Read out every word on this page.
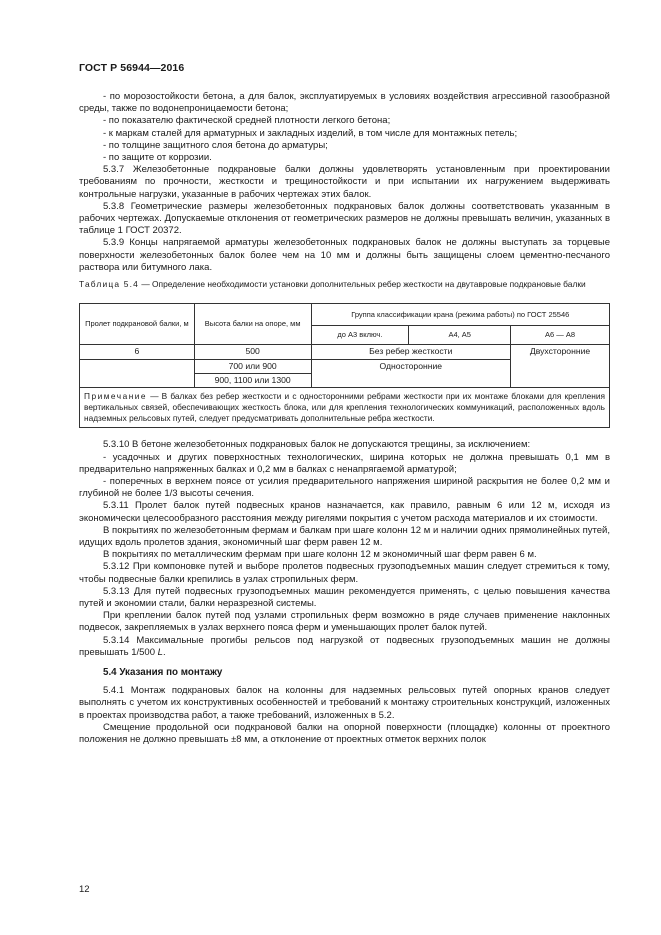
ГОСТ Р 56944—2016

- по морозостойкости бетона, а для балок, эксплуатируемых в условиях воздействия агрессивной газообразной среды, также по водонепроницаемости бетона;

- по показателю фактической средней плотности легкого бетона;

- к маркам сталей для арматурных и закладных изделий, в том числе для монтажных петель;

- по толщине защитного слоя бетона до арматуры;

- по защите от коррозии.

5.3.7 Железобетонные подкрановые балки должны удовлетворять установленным при проектировании требованиям по прочности, жесткости и трещиностойкости и при испытании их нагружением выдерживать контрольные нагрузки, указанные в рабочих чертежах этих балок.

5.3.8 Геометрические размеры железобетонных подкрановых балок должны соответствовать указанным в рабочих чертежах. Допускаемые отклонения от геометрических размеров не должны превышать величин, указанных в таблице 1 ГОСТ 20372.

5.3.9 Концы напрягаемой арматуры железобетонных подкрановых балок не должны выступать за торцевые поверхности железобетонных балок более чем на 10 мм и должны быть защищены слоем цементно-песчаного раствора или битумного лака.

Таблица 5.4 — Определение необходимости установки дополнительных ребер жесткости на двутавровые подкрановые балки

Пролет подкрановой балки, м	Высота балки на опоре, мм	Группа классификации крана (режима работы) по ГОСТ 25546		
		до А3 включ.	А4, А5	А6 — А8
6	500	Без ребер жесткости		Двухсторонние
	700 или 900	Односторонние		
	900, 1100 или 1300			
Примечание — В балках без ребер жесткости и с односторонними ребрами жесткости при их монтаже блоками для крепления вертикальных связей, обеспечивающих жесткость блока, или для крепления технологических коммуникаций, расположенных вдоль надземных рельсовых путей, следует предусматривать дополнительные ребра жесткости.				

5.3.10 В бетоне железобетонных подкрановых балок не допускаются трещины, за исключением:

- усадочных и других поверхностных технологических, ширина которых не должна превышать 0,1 мм в предварительно напряженных балках и 0,2 мм в балках с ненапрягаемой арматурой;

- поперечных в верхнем поясе от усилия предварительного напряжения шириной раскрытия не более 0,2 мм и глубиной не более 1/3 высоты сечения.

5.3.11 Пролет балок путей подвесных кранов назначается, как правило, равным 6 или 12 м, исходя из экономически целесообразного расстояния между ригелями покрытия с учетом расхода материалов и их стоимости.

В покрытиях по железобетонным фермам и балкам при шаге колонн 12 м и наличии одних прямолинейных путей, идущих вдоль пролетов здания, экономичный шаг ферм равен 12 м.

В покрытиях по металлическим фермам при шаге колонн 12 м экономичный шаг ферм равен 6 м.

5.3.12 При компоновке путей и выборе пролетов подвесных грузоподъемных машин следует стремиться к тому, чтобы подвесные балки крепились в узлах стропильных ферм.

5.3.13 Для путей подвесных грузоподъемных машин рекомендуется применять, с целью повышения качества путей и экономии стали, балки неразрезной системы.

При креплении балок путей под узлами стропильных ферм возможно в ряде случаев применение наклонных подвесок, закрепляемых в узлах верхнего пояса ферм и уменьшающих пролет балок путей.

5.3.14 Максимальные прогибы рельсов под нагрузкой от подвесных грузоподъемных машин не должны превышать 1/500 L.

5.4 Указания по монтажу

5.4.1 Монтаж подкрановых балок на колонны для надземных рельсовых путей опорных кранов следует выполнять с учетом их конструктивных особенностей и требований к монтажу строительных конструкций, изложенных в проектах производства работ, а также требований, изложенных в 5.2.

Смещение продольной оси подкрановой балки на опорной поверхности (площадке) колонны от проектного положения не должно превышать ±8 мм, а отклонение от проектных отметок верхних полок

12
